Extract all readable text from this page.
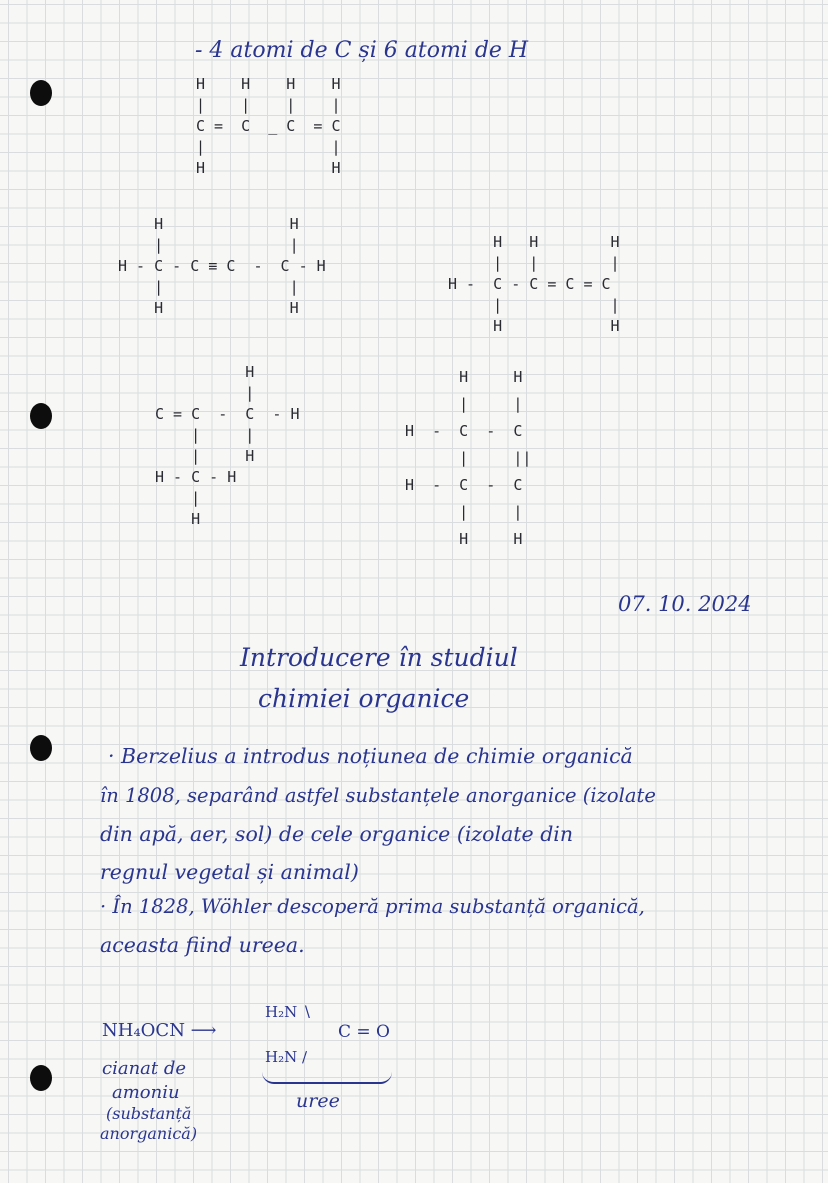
- 4 atomi de C și 6 atomi de H
H    H    H    H
|    |    |    |
C =  C  _ C  = C
|              |
H              H
H              H
|              |
H - C - C ≡ C  -  C - H
|              |
H              H
H   H        H
|   |        |
H -  C - C = C = C
|            |
H            H
H
|
C = C  -  C  - H
|     |
|     H
H - C - H
|
H
H     H
|     |
H  -  C  -  C
|     ||
H  -  C  -  C
|     |
H     H
07. 10. 2024
Introducere în studiul
chimiei organice
· Berzelius a introdus noțiunea de chimie organică
în 1808, separând astfel substanțele anorganice (izolate
din apă, aer, sol) de cele organice (izolate din
regnul vegetal și animal)
· În 1828, Wöhler descoperă prima substanță organică,
aceasta fiind ureea.
NH₄OCN ⟶
H₂N ∖
C = O
H₂N ∕
uree
cianat de
amoniu
(substanță
anorganică)
